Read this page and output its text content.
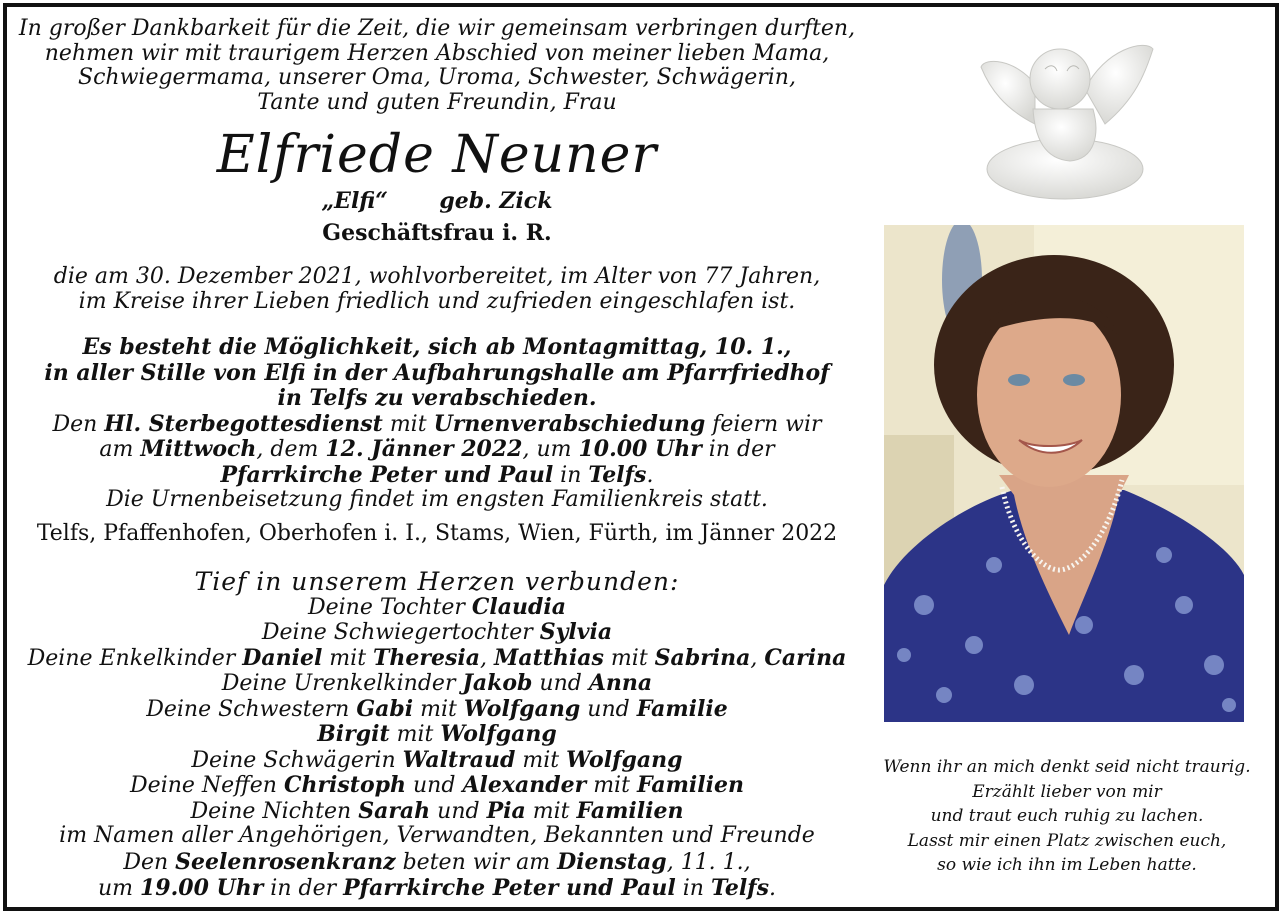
In großer Dankbarkeit für die Zeit, die wir gemeinsam verbringen durften,
nehmen wir mit traurigem Herzen Abschied von meiner lieben Mama,
Schwiegermama, unserer Oma, Uroma, Schwester, Schwägerin,
Tante und guten Freundin, Frau
Elfriede Neuner
„Elfi“ geb. Zick
Geschäftsfrau i. R.
die am 30. Dezember 2021, wohlvorbereitet, im Alter von 77 Jahren,
im Kreise ihrer Lieben friedlich und zufrieden eingeschlafen ist.
Es besteht die Möglichkeit, sich ab Montagmittag, 10. 1.,
in aller Stille von Elfi in der Aufbahrungshalle am Pfarrfriedhof
in Telfs zu verabschieden.
Den Hl. Sterbegottesdienst mit Urnenverabschiedung feiern wir
am Mittwoch, dem 12. Jänner 2022, um 10.00 Uhr in der
Pfarrkirche Peter und Paul in Telfs.
Die Urnenbeisetzung findet im engsten Familienkreis statt.
Telfs, Pfaffenhofen, Oberhofen i. I., Stams, Wien, Fürth, im Jänner 2022
Tief in unserem Herzen verbunden:
Deine Tochter Claudia
Deine Schwiegertochter Sylvia
Deine Enkelkinder Daniel mit Theresia, Matthias mit Sabrina, Carina
Deine Urenkelkinder Jakob und Anna
Deine Schwestern Gabi mit Wolfgang und Familie
Birgit mit Wolfgang
Deine Schwägerin Waltraud mit Wolfgang
Deine Neffen Christoph und Alexander mit Familien
Deine Nichten Sarah und Pia mit Familien
im Namen aller Angehörigen, Verwandten, Bekannten und Freunde
Den Seelenrosenkranz beten wir am Dienstag, 11. 1.,
um 19.00 Uhr in der Pfarrkirche Peter und Paul in Telfs.
Wenn ihr an mich denkt seid nicht traurig.
Erzählt lieber von mir
und traut euch ruhig zu lachen.
Lasst mir einen Platz zwischen euch,
so wie ich ihn im Leben hatte.
